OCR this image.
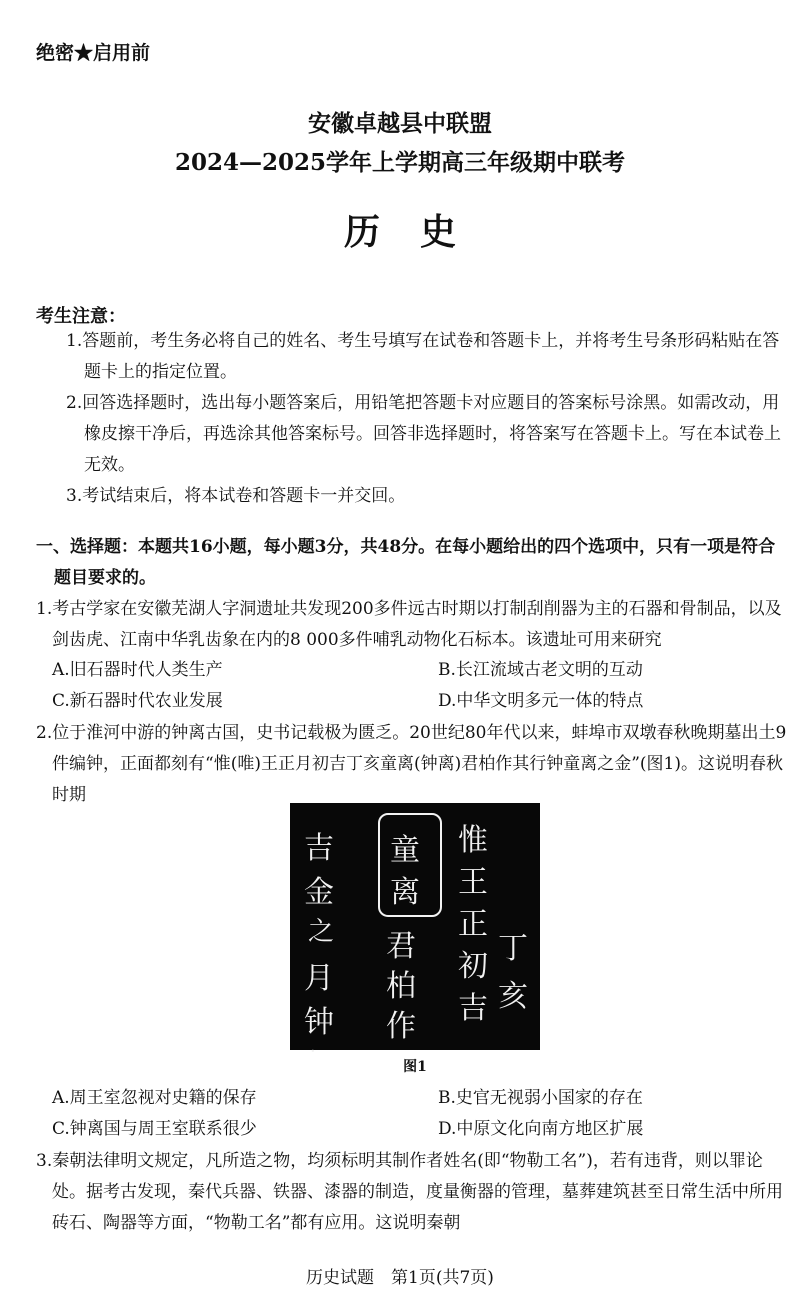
绝密★启用前
安徽卓越县中联盟
2024—2025学年上学期高三年级期中联考
历史
考生注意：
1.答题前，考生务必将自己的姓名、考生号填写在试卷和答题卡上，并将考生号条形码粘贴在答题卡上的指定位置。
2.回答选择题时，选出每小题答案后，用铅笔把答题卡对应题目的答案标号涂黑。如需改动，用橡皮擦干净后，再选涂其他答案标号。回答非选择题时，将答案写在答题卡上。写在本试卷上无效。
3.考试结束后，将本试卷和答题卡一并交回。
一、选择题：本题共16小题，每小题3分，共48分。在每小题给出的四个选项中，只有一项是符合题目要求的。
1.考古学家在安徽芜湖人字洞遗址共发现200多件远古时期以打制刮削器为主的石器和骨制品，以及剑齿虎、江南中华乳齿象在内的8 000多件哺乳动物化石标本。该遗址可用来研究
A.旧石器时代人类生产	B.长江流域古老文明的互动
C.新石器时代农业发展	D.中华文明多元一体的特点
2.位于淮河中游的钟离古国，史书记载极为匮乏。20世纪80年代以来，蚌埠市双墩春秋晚期墓出土9件编钟，正面都刻有“惟(唯)王正月初吉丁亥童离(钟离)君柏作其行钟童离之金”(图1)。这说明春秋时期
吉
金
之
月
钟
·
童
离
君
柏
作
惟
王
正
初
吉
丁
亥
图1
A.周王室忽视对史籍的保存	B.史官无视弱小国家的存在
C.钟离国与周王室联系很少	D.中原文化向南方地区扩展
3.秦朝法律明文规定，凡所造之物，均须标明其制作者姓名(即“物勒工名”)，若有违背，则以罪论处。据考古发现，秦代兵器、铁器、漆器的制造，度量衡器的管理，墓葬建筑甚至日常生活中所用砖石、陶器等方面，“物勒工名”都有应用。这说明秦朝
历史试题　第1页(共7页)
